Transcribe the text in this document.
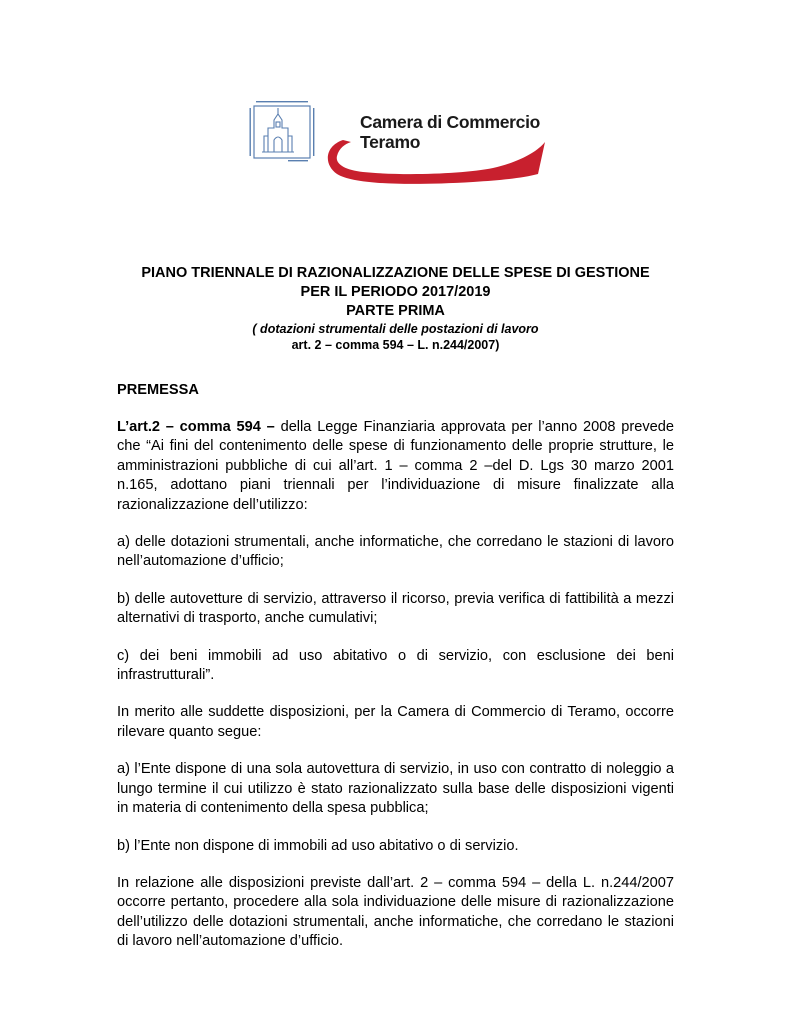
Camera di Commercio
Teramo
PIANO TRIENNALE DI RAZIONALIZZAZIONE DELLE SPESE DI GESTIONE
PER IL PERIODO 2017/2019
PARTE PRIMA
( dotazioni strumentali delle postazioni di lavoro
art. 2 – comma 594 – L. n.244/2007)
PREMESSA

L’art.2 – comma 594 – della Legge Finanziaria approvata per l’anno 2008 prevede che “Ai fini del contenimento delle spese di funzionamento delle proprie strutture, le amministrazioni pubbliche di cui all’art. 1 – comma 2 –del D. Lgs 30 marzo 2001 n.165, adottano piani triennali per l’individuazione di misure finalizzate alla razionalizzazione dell’utilizzo:

a) delle dotazioni strumentali, anche informatiche, che corredano le stazioni di lavoro nell’automazione d’ufficio;

b) delle autovetture di servizio, attraverso il ricorso, previa verifica di fattibilità a mezzi alternativi di trasporto, anche cumulativi;

c) dei beni immobili ad uso abitativo o di servizio, con esclusione dei beni infrastrutturali”.

In merito alle suddette disposizioni, per la Camera di Commercio di Teramo, occorre rilevare quanto segue:

a) l’Ente dispone di una sola autovettura di servizio, in uso con contratto di noleggio a lungo termine il cui utilizzo è stato razionalizzato sulla base delle disposizioni vigenti in materia di contenimento della spesa pubblica;

b) l’Ente non dispone di immobili ad uso abitativo o di servizio.

In relazione alle disposizioni previste dall’art. 2 – comma 594 – della L. n.244/2007 occorre pertanto, procedere alla sola individuazione delle misure di razionalizzazione dell’utilizzo delle dotazioni strumentali, anche informatiche, che corredano le stazioni di lavoro nell’automazione d’ufficio.
